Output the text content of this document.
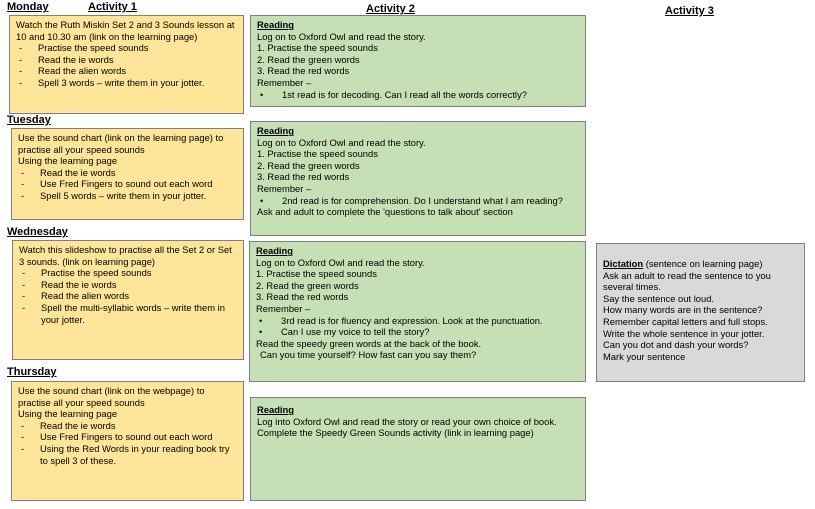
Activity 1	Activity 2	Activity 3
Monday
Tuesday
Wednesday
Thursday
Watch the Ruth Miskin Set 2 and 3 Sounds lesson at 10 and 10.30 am (link on the learning page)
- Practise the speed sounds
- Read the ie words
- Read the alien words
- Spell 3 words – write them in your jotter.
Reading
Log on to Oxford Owl and read the story.
1. Practise the speed sounds
2. Read the green words
3. Read the red words
Remember –
• 1st read is for decoding. Can I read all the words correctly?
Use the sound chart (link on the learning page) to practise all your speed sounds
Using the learning page
- Read the ie words
- Use Fred Fingers to sound out each word
- Spell 5 words – write them in your jotter.
Reading
Log on to Oxford Owl and read the story.
1. Practise the speed sounds
2. Read the green words
3. Read the red words
Remember –
• 2nd read is for comprehension. Do I understand what I am reading?
Ask and adult to complete the 'questions to talk about' section
Watch this slideshow to practise all the Set 2 or Set 3 sounds. (link on learning page)
- Practise the speed sounds
- Read the ie words
- Read the alien words
- Spell the multi-syllabic words – write them in your jotter.
Reading
Log on to Oxford Owl and read the story.
1. Practise the speed sounds
2. Read the green words
3. Read the red words
Remember –
• 3rd read is for fluency and expression. Look at the punctuation.
• Can I use my voice to tell the story?
Read the speedy green words at the back of the book.
Can you time yourself? How fast can you say them?
Dictation (sentence on learning page)
Ask an adult to read the sentence to you several times.
Say the sentence out loud.
How many words are in the sentence?
Remember capital letters and full stops.
Write the whole sentence in your jotter.
Can you dot and dash your words?
Mark your sentence
Use the sound chart (link on the webpage) to practise all your speed sounds
Using the learning page
- Read the ie words
- Use Fred Fingers to sound out each word
- Using the Red Words in your reading book try to spell 3 of these.
Reading
Log into Oxford Owl and read the story or read your own choice of book.
Complete the Speedy Green Sounds activity (link in learning page)
